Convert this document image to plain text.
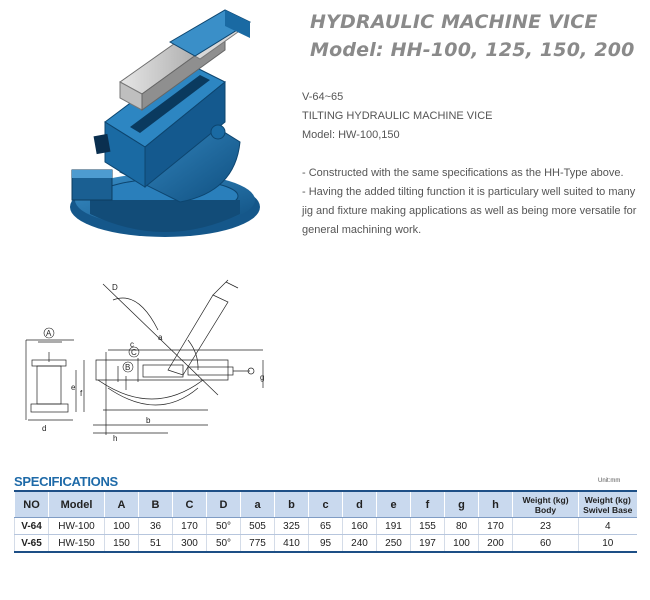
HYDRAULIC MACHINE VICE
Model: HH-100, 125, 150, 200

V-64~65

TILTING HYDRAULIC MACHINE VICE

Model: HW-100,150

- Constructed with the same specifications as the HH-Type above.

- Having the added tilting function it is particulary well suited to many jig and fixture making applications as well as being more versatile for general machining work.

A
B
C
D
a
b
c
d
e
f
g
h
SPECIFICATIONS	Unit:mm
NO	Model	A	B	C	D	a	b	c	d	e	f	g	h	Weight (kg) Body	Weight (kg) Swivel Base
V-64	HW-100	100	36	170	50°	505	325	65	160	191	155	80	170	23	4
V-65	HW-150	150	51	300	50°	775	410	95	240	250	197	100	200	60	10
